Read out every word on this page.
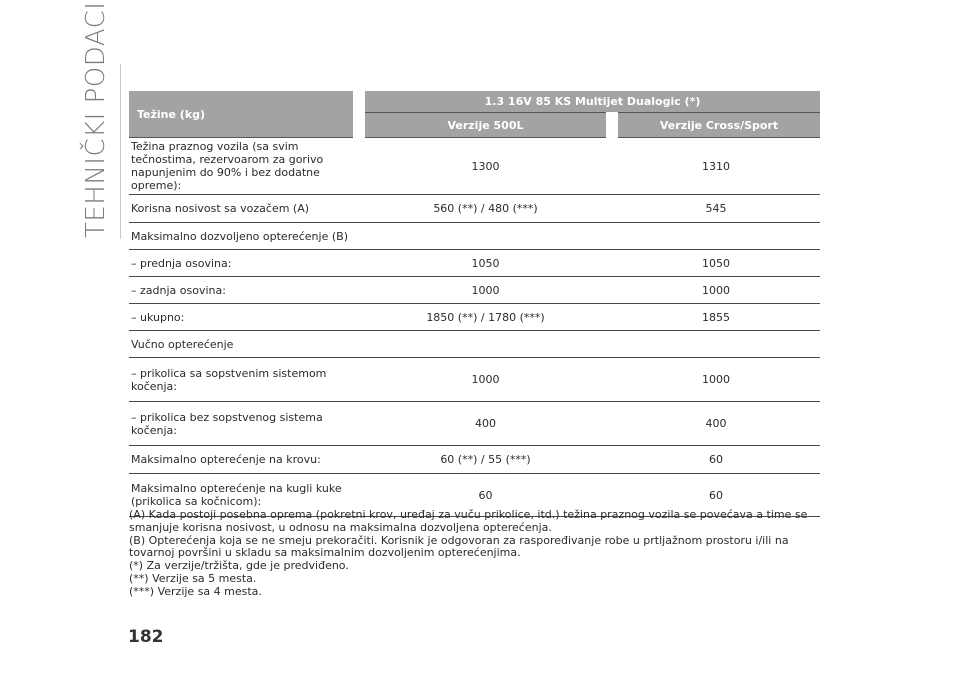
TEHNIČKI PODACI Težine (kg)	1.3 16V 85 KS Multijet Dualogic (*)	
	Verzije 500L	Verzije Cross/Sport
Težina praznog vozila (sa svim tečnostima, rezervoarom za gorivo napunjenim do 90% i bez dodatne opreme):	1300	1310
Korisna nosivost sa vozačem (A)	560 (**) / 480 (***)	545
Maksimalno dozvoljeno opterećenje (B)		
– prednja osovina:	1050	1050
– zadnja osovina:	1000	1000
– ukupno:	1850 (**) / 1780 (***)	1855
Vučno opterećenje		
– prikolica sa sopstvenim sistemom kočenja:	1000	1000
– prikolica bez sopstvenog sistema kočenja:	400	400
Maksimalno opterećenje na krovu:	60 (**) / 55 (***)	60
Maksimalno opterećenje na kugli kuke (prikolica sa kočnicom):	60	60
(A) Kada postoji posebna oprema (pokretni krov, uređaj za vuču prikolice, itd.) težina praznog vozila se povećava a time se smanjuje korisna nosivost, u odnosu na maksimalna dozvoljena opterećenja.
(B) Opterećenja koja se ne smeju prekoračiti. Korisnik je odgovoran za raspoređivanje robe u prtljažnom prostoru i/ili na tovarnoj površini u skladu sa maksimalnim dozvoljenim opterećenjima.
(*) Za verzije/tržišta, gde je predviđeno.
(**) Verzije sa 5 mesta.
(***) Verzije sa 4 mesta.
182
